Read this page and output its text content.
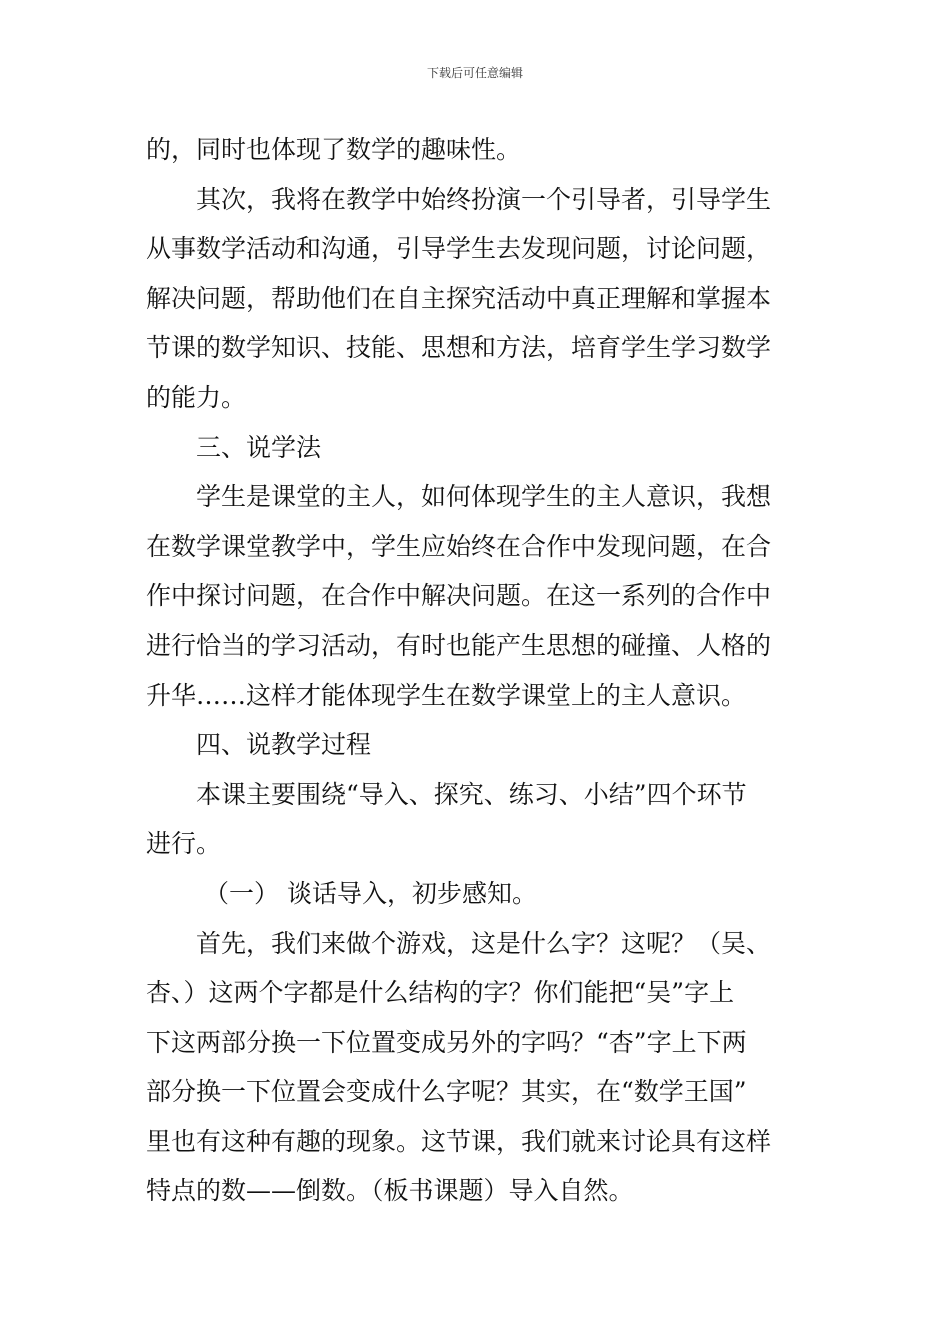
下载后可任意编辑

的，同时也体现了数学的趣味性。

其次，我将在教学中始终扮演一个引导者，引导学生

从事数学活动和沟通，引导学生去发现问题，讨论问题，

解决问题，帮助他们在自主探究活动中真正理解和掌握本

节课的数学知识、技能、思想和方法，培育学生学习数学

的能力。

三、说学法

学生是课堂的主人，如何体现学生的主人意识，我想

在数学课堂教学中，学生应始终在合作中发现问题，在合

作中探讨问题，在合作中解决问题。在这一系列的合作中

进行恰当的学习活动，有时也能产生思想的碰撞、人格的

升华……这样才能体现学生在数学课堂上的主人意识。

四、说教学过程

本课主要围绕“导入、探究、练习、小结”四个环节

进行。

（一） 谈话导入，初步感知。

首先，我们来做个游戏，这是什么字？这呢？（吴、

杏、）这两个字都是什么结构的字？你们能把“吴”字上

下这两部分换一下位置变成另外的字吗？“杏”字上下两

部分换一下位置会变成什么字呢？其实，在“数学王国”

里也有这种有趣的现象。这节课，我们就来讨论具有这样

特点的数——倒数。（板书课题）导入自然。
